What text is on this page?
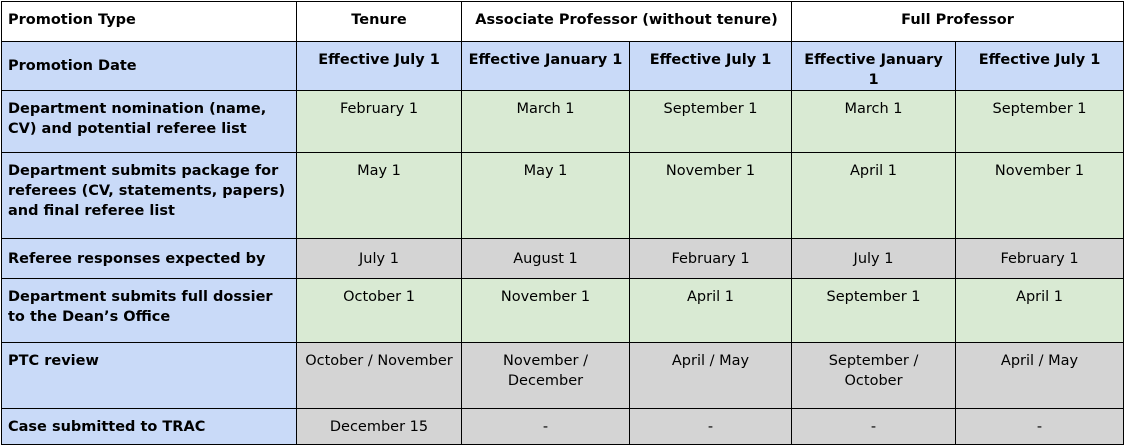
Promotion Type	Tenure	Associate Professor (without tenure)		Full Professor	
Promotion Date	Effective July 1	Effective January 1	Effective July 1	Effective January 1	Effective July 1
Department nomination (name, CV) and potential referee list	February 1	March 1	September 1	March 1	September 1
Department submits package for referees (CV, statements, papers) and final referee list	May 1	May 1	November 1	April 1	November 1
Referee responses expected by	July 1	August 1	February 1	July 1	February 1
Department submits full dossier to the Dean’s Office	October 1	November 1	April 1	September 1	April 1
PTC review	October / November	November / December	April / May	September / October	April / May
Case submitted to TRAC	December 15	-	-	-	-
